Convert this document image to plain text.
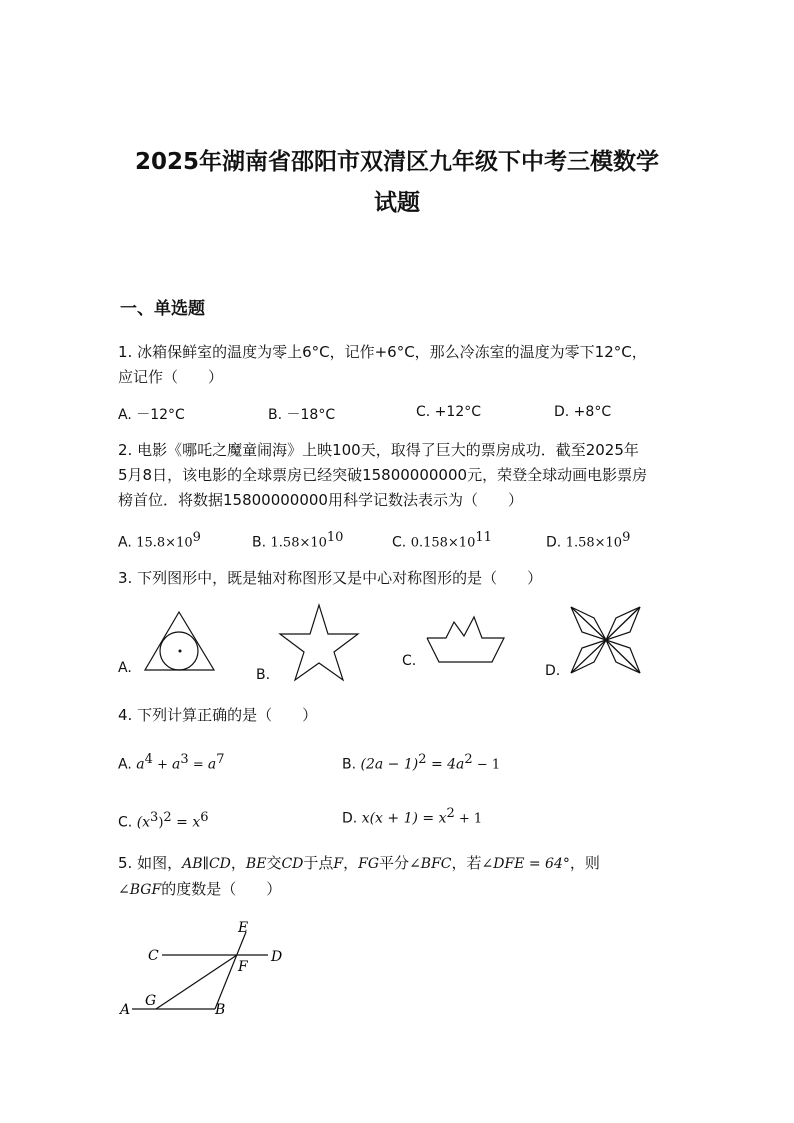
2025年湖南省邵阳市双清区九年级下中考三模数学
试题
一、单选题
1. 冰箱保鲜室的温度为零上6°C，记作+6°C，那么冷冻室的温度为零下12°C，
应记作（　　）
A. －12°C	B. －18°C	C. +12°C	D. +8°C
2. 电影《哪吒之魔童闹海》上映100天，取得了巨大的票房成功．截至2025年
5月8日，该电影的全球票房已经突破15800000000元，荣登全球动画电影票房
榜首位．将数据15800000000用科学记数法表示为（　　）
A. $15.8\times 10^9$	B. $1.58\times 10^{10}$	C. $0.158\times 10^{11}$	D. $1.58\times 10^9$
3. 下列图形中，既是轴对称图形又是中心对称图形的是（　　）
A.	B.
C.
D.
4. 下列计算正确的是（　　）
A. $a^4 + a^3 = a^7$	B. $(2a - 1)^2 = 4a^2 - 1$
C. $(x^3)^2 = x^6$	D. $x(x + 1) = x^2 + 1$
5. 如图，AB∥CD，BE交CD于点F，FG平分∠BFC，若∠DFE = 64°，则
∠BGF的度数是（　　）
E
C	D
F
G
A	B
